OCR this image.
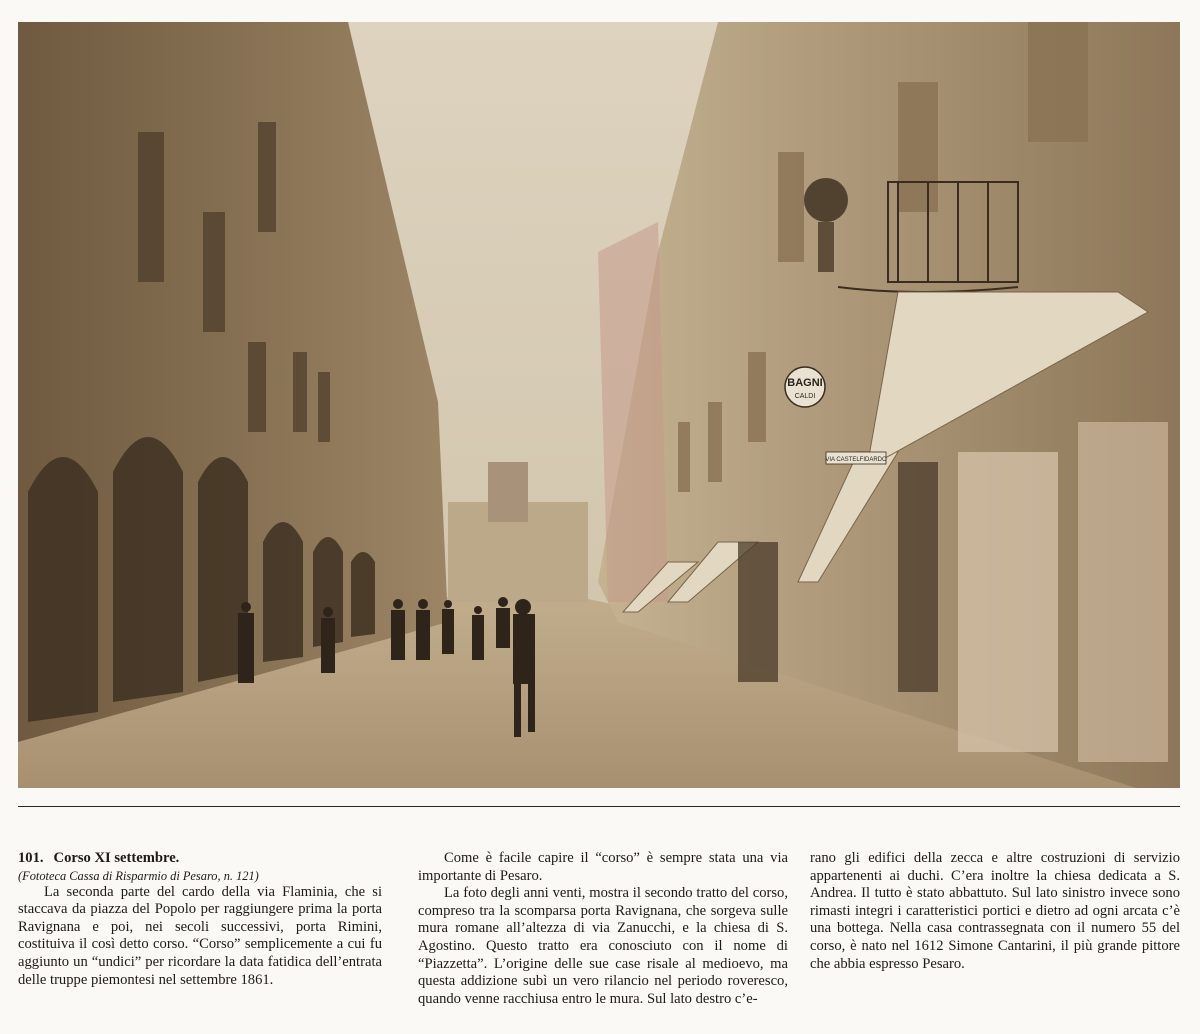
BAGNI
CALDI
VIA CASTELFIDARDO

101. Corso XI settembre.

(Fototeca Cassa di Risparmio di Pesaro, n. 121)

La seconda parte del cardo della via Flaminia, che si staccava da piazza del Popolo per raggiungere prima la porta Ravignana e poi, nei secoli successivi, porta Rimini, costituiva il così detto corso. “Corso” semplicemente a cui fu aggiunto un “undici” per ricordare la data fatidica dell’entrata delle truppe piemontesi nel settembre 1861.

Come è facile capire il “corso” è sempre stata una via importante di Pesaro.

La foto degli anni venti, mostra il secondo tratto del corso, compreso tra la scomparsa porta Ravignana, che sorgeva sulle mura romane all’altezza di via Zanucchi, e la chiesa di S. Agostino. Questo tratto era conosciuto con il nome di “Piazzetta”. L’origine delle sue case risale al medioevo, ma questa addizione subì un vero rilancio nel periodo roveresco, quando venne racchiusa entro le mura. Sul lato destro c’e-

rano gli edifici della zecca e altre costruzioni di servizio appartenenti ai duchi. C’era inoltre la chiesa dedicata a S. Andrea. Il tutto è stato abbattuto. Sul lato sinistro invece sono rimasti integri i caratteristici portici e dietro ad ogni arcata c’è una bottega. Nella casa contrassegnata con il numero 55 del corso, è nato nel 1612 Simone Cantarini, il più grande pittore che abbia espresso Pesaro.
